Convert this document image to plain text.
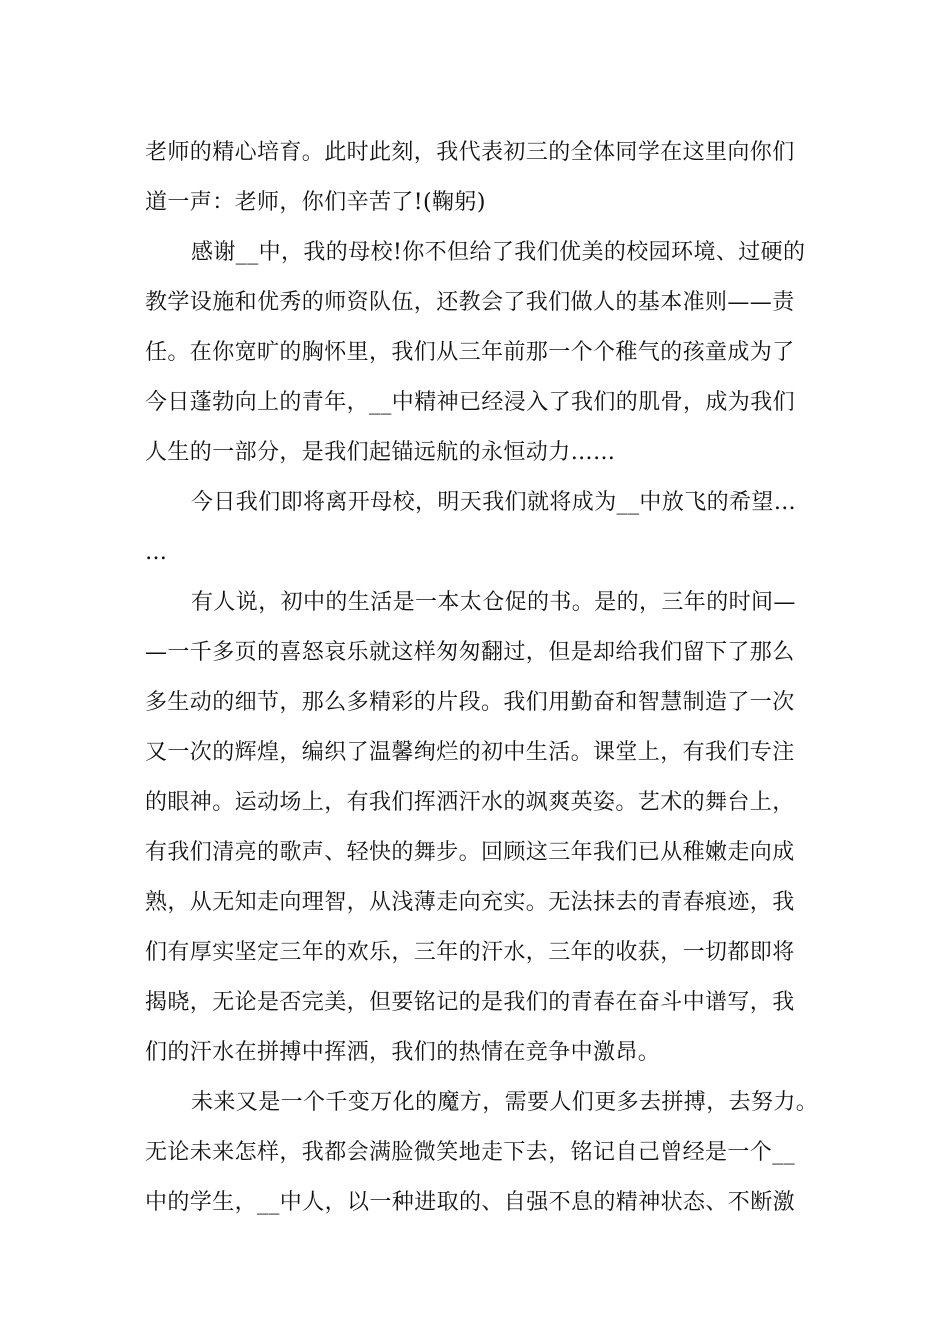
老师的精心培育。此时此刻，我代表初三的全体同学在这里向你们
道一声：老师，你们辛苦了!(鞠躬)
感谢__中，我的母校!你不但给了我们优美的校园环境、过硬的
教学设施和优秀的师资队伍，还教会了我们做人的基本准则——责
任。在你宽旷的胸怀里，我们从三年前那一个个稚气的孩童成为了
今日蓬勃向上的青年，__中精神已经浸入了我们的肌骨，成为我们
人生的一部分，是我们起锚远航的永恒动力……
今日我们即将离开母校，明天我们就将成为__中放飞的希望…
…
有人说，初中的生活是一本太仓促的书。是的，三年的时间—
—一千多页的喜怒哀乐就这样匆匆翻过，但是却给我们留下了那么
多生动的细节，那么多精彩的片段。我们用勤奋和智慧制造了一次
又一次的辉煌，编织了温馨绚烂的初中生活。课堂上，有我们专注
的眼神。运动场上，有我们挥洒汗水的飒爽英姿。艺术的舞台上，
有我们清亮的歌声、轻快的舞步。回顾这三年我们已从稚嫩走向成
熟，从无知走向理智，从浅薄走向充实。无法抹去的青春痕迹，我
们有厚实坚定三年的欢乐，三年的汗水，三年的收获，一切都即将
揭晓，无论是否完美，但要铭记的是我们的青春在奋斗中谱写，我
们的汗水在拼搏中挥洒，我们的热情在竞争中激昂。
未来又是一个千变万化的魔方，需要人们更多去拼搏，去努力。
无论未来怎样，我都会满脸微笑地走下去，铭记自己曾经是一个__
中的学生，__中人，以一种进取的、自强不息的精神状态、不断激
